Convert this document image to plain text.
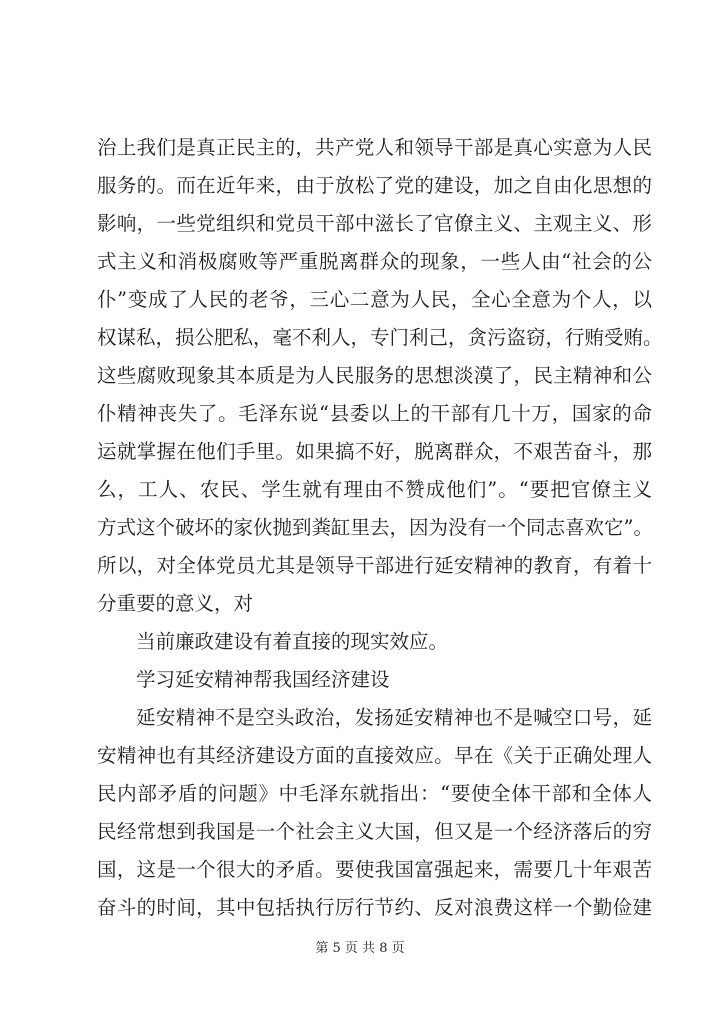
治上我们是真正民主的，共产党人和领导干部是真心实意为人民
服务的。而在近年来，由于放松了党的建设，加之自由化思想的
影响，一些党组织和党员干部中滋长了官僚主义、主观主义、形
式主义和消极腐败等严重脱离群众的现象，一些人由“社会的公
仆”变成了人民的老爷，三心二意为人民，全心全意为个人，以
权谋私，损公肥私，毫不利人，专门利己，贪污盗窃，行贿受贿。
这些腐败现象其本质是为人民服务的思想淡漠了，民主精神和公
仆精神丧失了。毛泽东说“县委以上的干部有几十万，国家的命
运就掌握在他们手里。如果搞不好，脱离群众，不艰苦奋斗，那
么，工人、农民、学生就有理由不赞成他们”。“要把官僚主义
方式这个破坏的家伙抛到粪缸里去，因为没有一个同志喜欢它”。
所以，对全体党员尤其是领导干部进行延安精神的教育，有着十
分重要的意义，对
当前廉政建设有着直接的现实效应。
学习延安精神帮我国经济建设
延安精神不是空头政治，发扬延安精神也不是喊空口号，延
安精神也有其经济建设方面的直接效应。早在《关于正确处理人
民内部矛盾的问题》中毛泽东就指出：“要使全体干部和全体人
民经常想到我国是一个社会主义大国，但又是一个经济落后的穷
国，这是一个很大的矛盾。要使我国富强起来，需要几十年艰苦
奋斗的时间，其中包括执行厉行节约、反对浪费这样一个勤俭建
第 5 页 共 8 页
